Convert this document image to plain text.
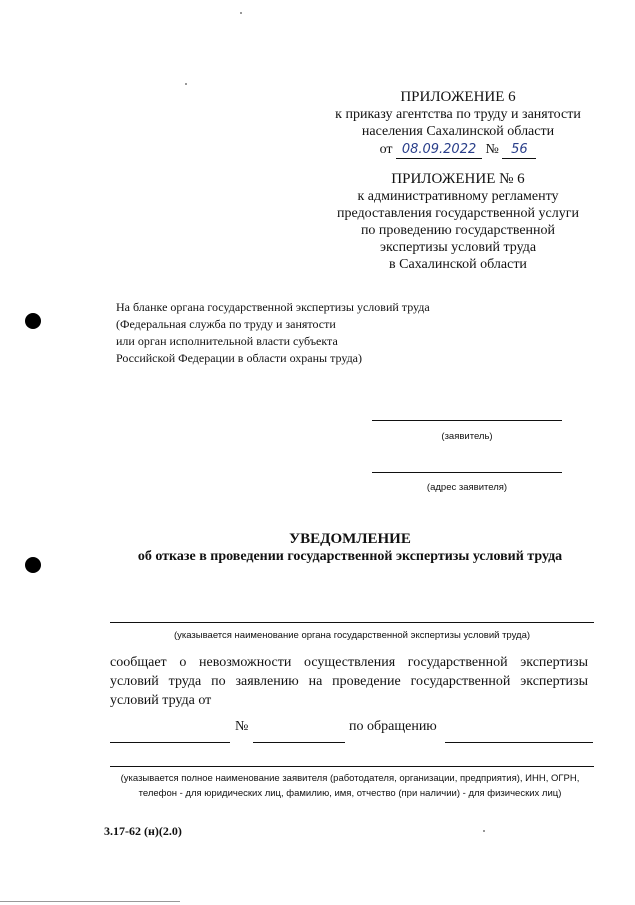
ПРИЛОЖЕНИЕ 6
к приказу агентства по труду и занятости
населения Сахалинской области
от 08.09.2022 № 56
ПРИЛОЖЕНИЕ № 6
к административному регламенту
предоставления государственной услуги
по проведению государственной
экспертизы условий труда
в Сахалинской области
На бланке органа государственной экспертизы условий труда
(Федеральная служба по труду и занятости
или орган исполнительной власти субъекта
Российской Федерации в области охраны труда)
(заявитель)
(адрес заявителя)
УВЕДОМЛЕНИЕ
об отказе в проведении государственной экспертизы условий труда
(указывается наименование органа государственной экспертизы условий труда)
сообщает о невозможности осуществления государственной экспертизы
условий труда по заявлению на проведение государственной экспертизы
условий труда от
№	по обращению
(указывается полное наименование заявителя (работодателя, организации, предприятия), ИНН, ОГРН,
телефон - для юридических лиц, фамилию, имя, отчество (при наличии) - для физических лиц)
3.17-62 (н)(2.0)
